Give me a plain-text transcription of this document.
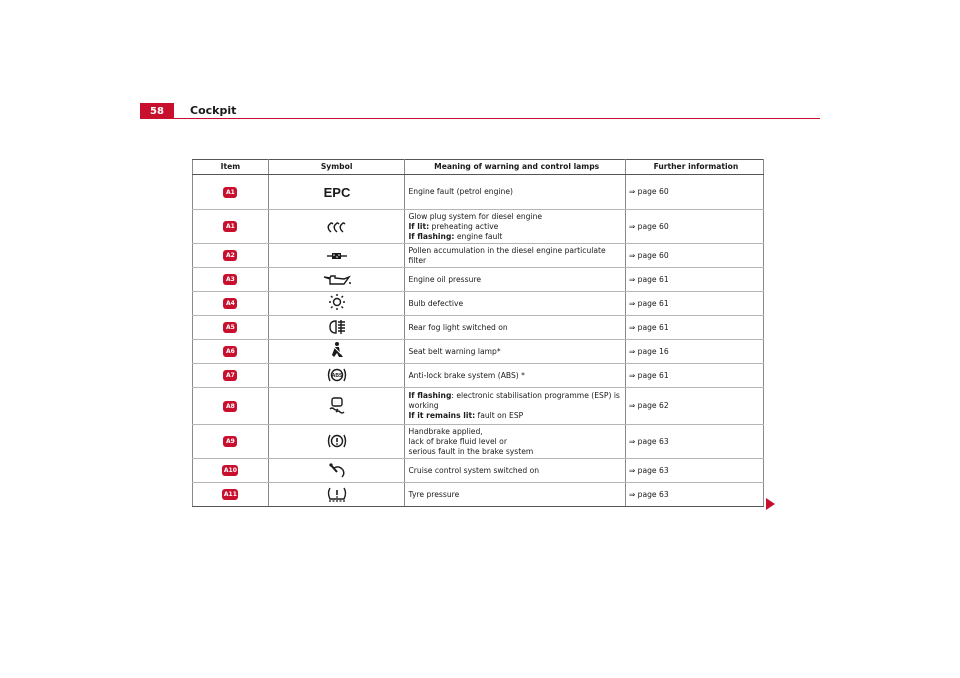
58	Cockpit
Item	Symbol	Meaning of warning and control lamps	Further information
A1	EPC	Engine fault (petrol engine)	⇒ page 60
A1		Glow plug system for diesel engine
If lit: preheating active
If flashing: engine fault	⇒ page 60
A2		Pollen accumulation in the diesel engine particulate filter	⇒ page 60
A3		Engine oil pressure	⇒ page 61
A4		Bulb defective	⇒ page 61
A5		Rear fog light switched on	⇒ page 61
A6		Seat belt warning lamp*	⇒ page 16
A7	ABS	Anti-lock brake system (ABS) *	⇒ page 61
A8		If flashing: electronic stabilisation programme (ESP) is working
If it remains lit: fault on ESP	⇒ page 62
A9		Handbrake applied,
lack of brake fluid level or
serious fault in the brake system	⇒ page 63
A10		Cruise control system switched on	⇒ page 63
A11		Tyre pressure	⇒ page 63
